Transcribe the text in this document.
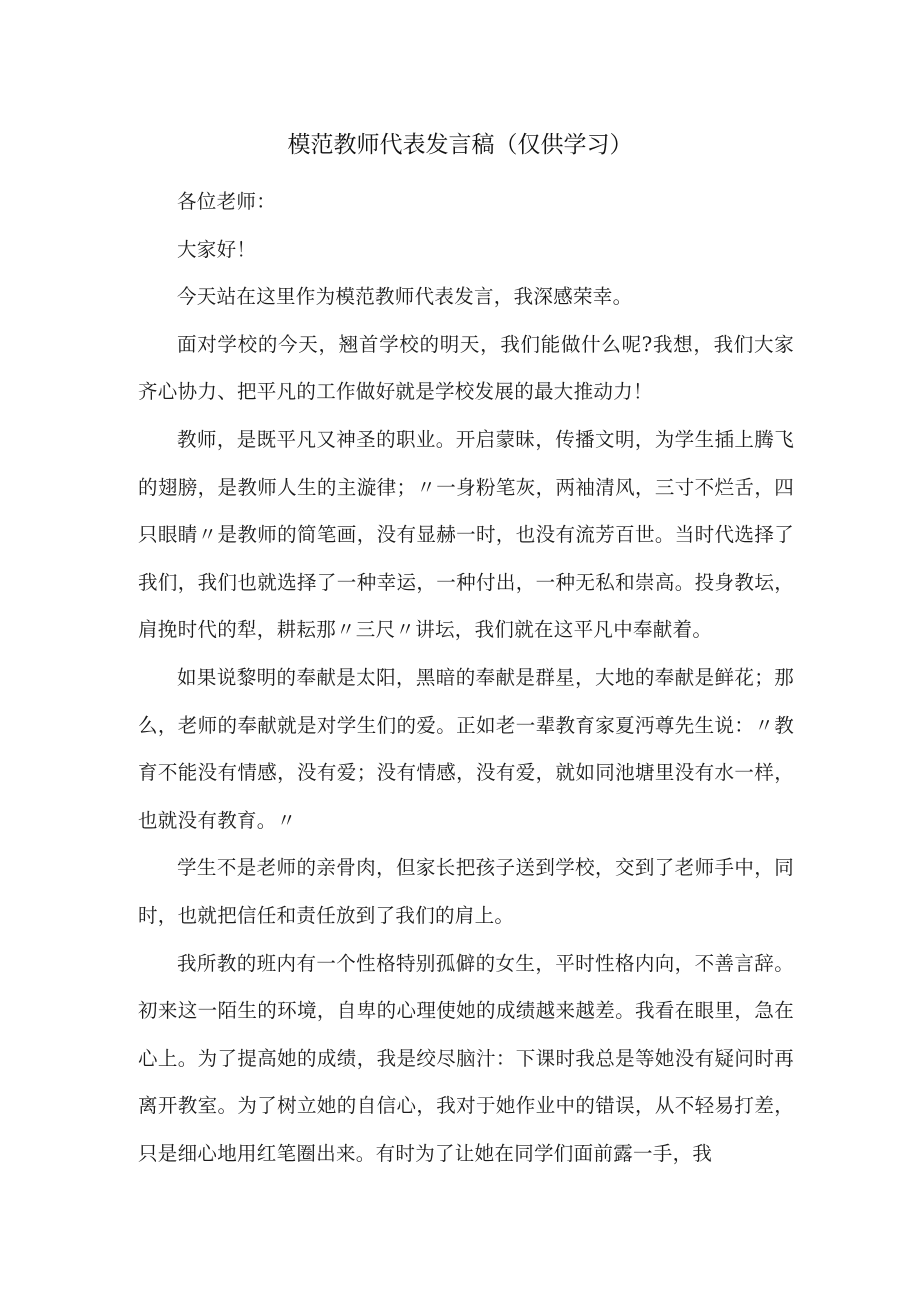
模范教师代表发言稿（仅供学习）

各位老师：

大家好！

今天站在这里作为模范教师代表发言，我深感荣幸。

面对学校的今天，翘首学校的明天，我们能做什么呢?我想，我们大家齐心协力、把平凡的工作做好就是学校发展的最大推动力！

教师，是既平凡又神圣的职业。开启蒙昧，传播文明，为学生插上腾飞的翅膀，是教师人生的主漩律；〃一身粉笔灰，两袖清风，三寸不烂舌，四只眼睛〃是教师的简笔画，没有显赫一时，也没有流芳百世。当时代选择了我们，我们也就选择了一种幸运，一种付出，一种无私和崇高。投身教坛，肩挽时代的犁，耕耘那〃三尺〃讲坛，我们就在这平凡中奉献着。

如果说黎明的奉献是太阳，黑暗的奉献是群星，大地的奉献是鲜花；那么，老师的奉献就是对学生们的爱。正如老一辈教育家夏沔尊先生说：〃教育不能没有情感，没有爱；没有情感，没有爱，就如同池塘里没有水一样，也就没有教育。〃

学生不是老师的亲骨肉，但家长把孩子送到学校，交到了老师手中，同时，也就把信任和责任放到了我们的肩上。

我所教的班内有一个性格特别孤僻的女生，平时性格内向，不善言辞。初来这一陌生的环境，自卑的心理使她的成绩越来越差。我看在眼里，急在心上。为了提高她的成绩，我是绞尽脑汁：下课时我总是等她没有疑问时再离开教室。为了树立她的自信心，我对于她作业中的错误，从不轻易打差，只是细心地用红笔圈出来。有时为了让她在同学们面前露一手，我
